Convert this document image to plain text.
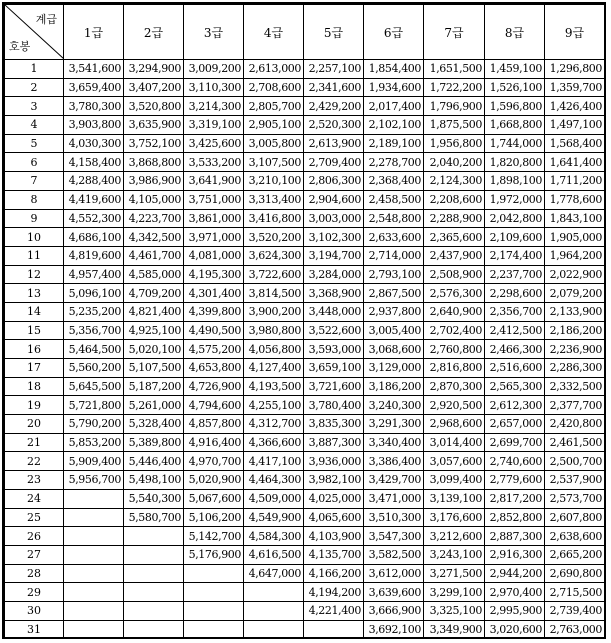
계급
호봉	1급	2급	3급	4급	5급	6급	7급	8급	9급
1	3,541,600	3,294,900	3,009,200	2,613,000	2,257,100	1,854,400	1,651,500	1,459,100	1,296,800
2	3,659,400	3,407,200	3,110,300	2,708,600	2,341,600	1,934,600	1,722,200	1,526,100	1,359,700
3	3,780,300	3,520,800	3,214,300	2,805,700	2,429,200	2,017,400	1,796,900	1,596,800	1,426,400
4	3,903,800	3,635,900	3,319,100	2,905,100	2,520,300	2,102,100	1,875,500	1,668,800	1,497,100
5	4,030,300	3,752,100	3,425,600	3,005,800	2,613,900	2,189,100	1,956,800	1,744,000	1,568,400
6	4,158,400	3,868,800	3,533,200	3,107,500	2,709,400	2,278,700	2,040,200	1,820,800	1,641,400
7	4,288,400	3,986,900	3,641,900	3,210,100	2,806,300	2,368,400	2,124,300	1,898,100	1,711,200
8	4,419,600	4,105,000	3,751,000	3,313,400	2,904,600	2,458,500	2,208,600	1,972,000	1,778,600
9	4,552,300	4,223,700	3,861,000	3,416,800	3,003,000	2,548,800	2,288,900	2,042,800	1,843,100
10	4,686,100	4,342,500	3,971,000	3,520,200	3,102,300	2,633,600	2,365,600	2,109,600	1,905,000
11	4,819,600	4,461,700	4,081,000	3,624,300	3,194,700	2,714,000	2,437,900	2,174,400	1,964,200
12	4,957,400	4,585,000	4,195,300	3,722,600	3,284,000	2,793,100	2,508,900	2,237,700	2,022,900
13	5,096,100	4,709,200	4,301,400	3,814,500	3,368,900	2,867,500	2,576,300	2,298,600	2,079,200
14	5,235,200	4,821,400	4,399,800	3,900,200	3,448,000	2,937,800	2,640,900	2,356,700	2,133,900
15	5,356,700	4,925,100	4,490,500	3,980,800	3,522,600	3,005,400	2,702,400	2,412,500	2,186,200
16	5,464,500	5,020,100	4,575,200	4,056,800	3,593,000	3,068,600	2,760,800	2,466,300	2,236,900
17	5,560,200	5,107,500	4,653,800	4,127,400	3,659,100	3,129,000	2,816,800	2,516,600	2,286,300
18	5,645,500	5,187,200	4,726,900	4,193,500	3,721,600	3,186,200	2,870,300	2,565,300	2,332,500
19	5,721,800	5,261,000	4,794,600	4,255,100	3,780,400	3,240,300	2,920,500	2,612,300	2,377,700
20	5,790,200	5,328,400	4,857,800	4,312,700	3,835,300	3,291,300	2,968,600	2,657,000	2,420,800
21	5,853,200	5,389,800	4,916,400	4,366,600	3,887,300	3,340,400	3,014,400	2,699,700	2,461,500
22	5,909,400	5,446,400	4,970,700	4,417,100	3,936,000	3,386,400	3,057,600	2,740,600	2,500,700
23	5,956,700	5,498,100	5,020,900	4,464,300	3,982,100	3,429,700	3,099,400	2,779,600	2,537,900
24		5,540,300	5,067,600	4,509,000	4,025,000	3,471,000	3,139,100	2,817,200	2,573,700
25		5,580,700	5,106,200	4,549,900	4,065,600	3,510,300	3,176,600	2,852,800	2,607,800
26			5,142,700	4,584,300	4,103,900	3,547,300	3,212,600	2,887,300	2,638,600
27			5,176,900	4,616,500	4,135,700	3,582,500	3,243,100	2,916,300	2,665,200
28				4,647,000	4,166,200	3,612,000	3,271,500	2,944,200	2,690,800
29					4,194,200	3,639,600	3,299,100	2,970,400	2,715,500
30					4,221,400	3,666,900	3,325,100	2,995,900	2,739,400
31						3,692,100	3,349,900	3,020,600	2,763,000
